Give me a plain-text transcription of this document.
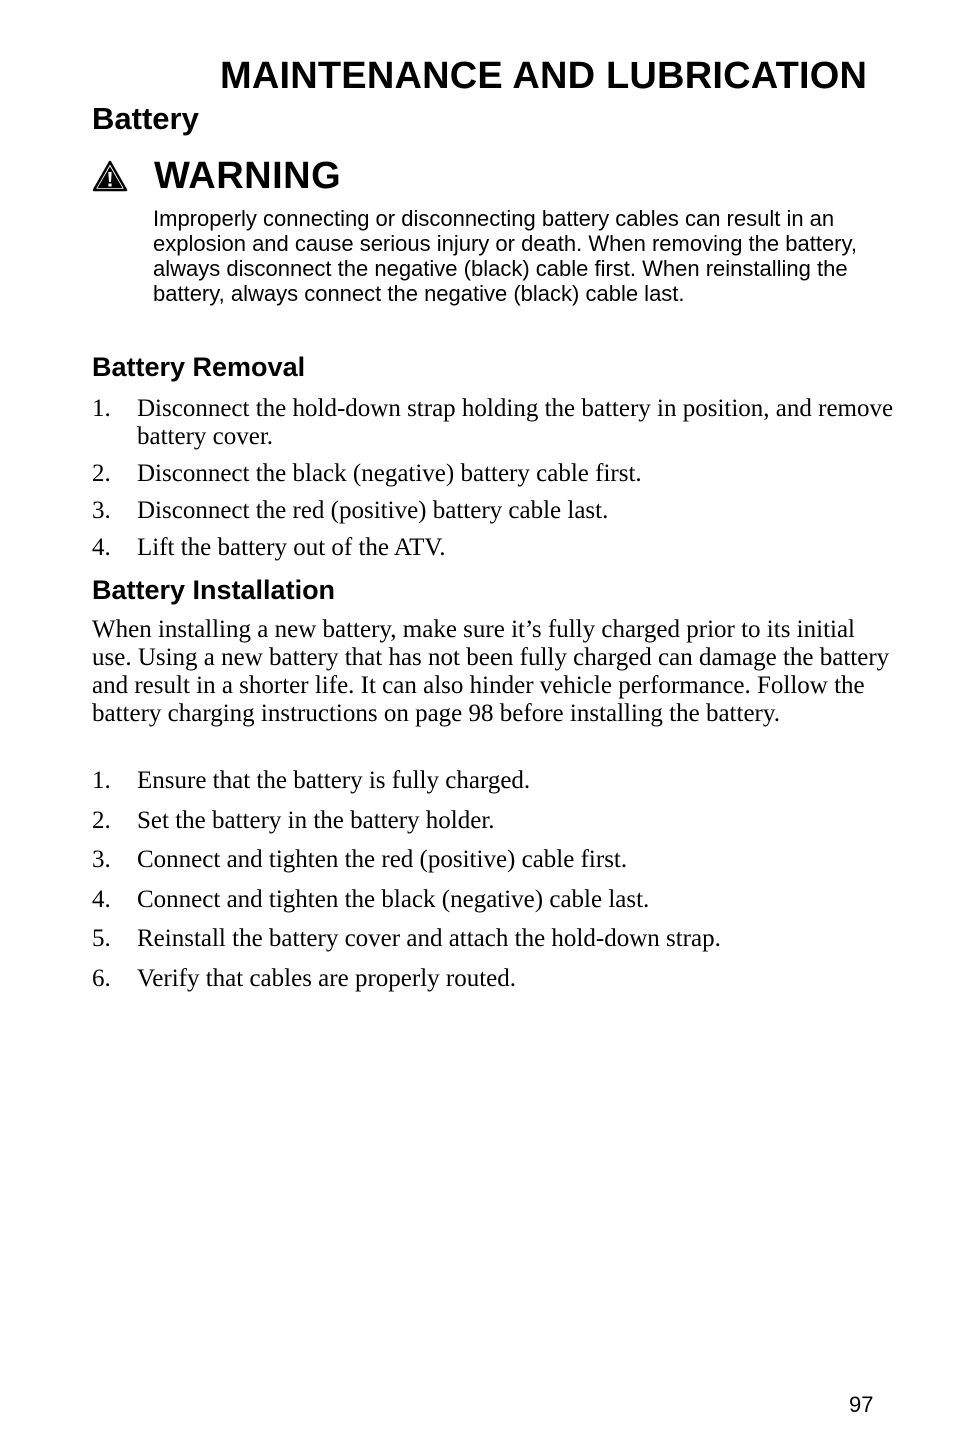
MAINTENANCE AND LUBRICATION
Battery
WARNING

Improperly connecting or disconnecting battery cables can result in an explosion and cause serious injury or death. When removing the battery, always disconnect the negative (black) cable first. When reinstalling the battery, always connect the negative (black) cable last.

Battery Removal
1.	Disconnect the hold-down strap holding the battery in position, and remove battery cover.
2.	Disconnect the black (negative) battery cable first.
3.	Disconnect the red (positive) battery cable last.
4.	Lift the battery out of the ATV.
Battery Installation

When installing a new battery, make sure it’s fully charged prior to its initial use. Using a new battery that has not been fully charged can damage the battery and result in a shorter life. It can also hinder vehicle performance. Follow the battery charging instructions on page 98 before installing the battery.

1.	Ensure that the battery is fully charged.
2.	Set the battery in the battery holder.
3.	Connect and tighten the red (positive) cable first.
4.	Connect and tighten the black (negative) cable last.
5.	Reinstall the battery cover and attach the hold-down strap.
6.	Verify that cables are properly routed.
97
